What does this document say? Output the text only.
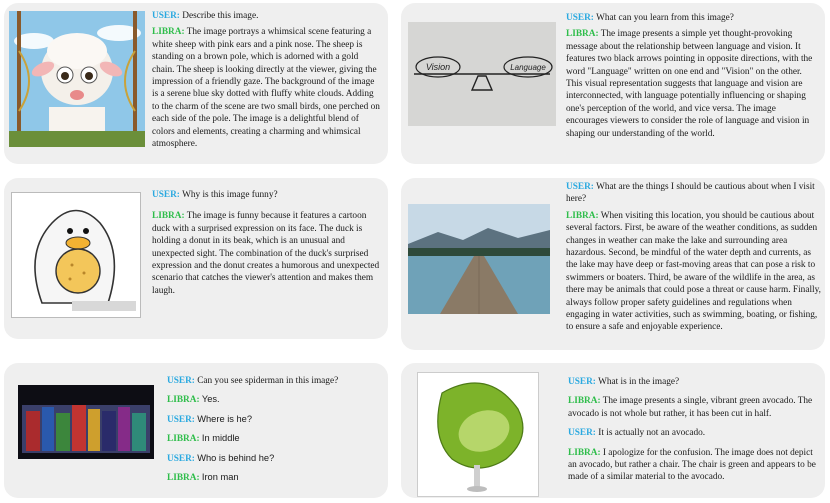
USER: Describe this image.

LIBRA: The image portrays a whimsical scene featuring a white sheep with pink ears and a pink nose. The sheep is standing on a brown pole, which is adorned with a gold chain. The sheep is looking directly at the viewer, giving the impression of a friendly gaze. The background of the image is a serene blue sky dotted with fluffy white clouds. Adding to the charm of the scene are two small birds, one perched on each side of the pole. The image is a delightful blend of colors and elements, creating a charming and whimsical atmosphere.

Vision	Language

USER: What can you learn from this image?

LIBRA: The image presents a simple yet thought-provoking message about the relationship between language and vision. It features two black arrows pointing in opposite directions, with the word "Language" written on one end and "Vision" on the other. This visual representation suggests that language and vision are interconnected, with language potentially influencing or shaping one's perception of the world, and vice versa. The image encourages viewers to consider the role of language and vision in shaping our understanding of the world.

USER: Why is this image funny?

LIBRA: The image is funny because it features a cartoon duck with a surprised expression on its face. The duck is holding a donut in its beak, which is an unusual and unexpected sight. The combination of the duck's surprised expression and the donut creates a humorous and unexpected scenario that catches the viewer's attention and makes them laugh.

USER: What are the things I should be cautious about when I visit here?

LIBRA: When visiting this location, you should be cautious about several factors. First, be aware of the weather conditions, as sudden changes in weather can make the lake and surrounding area hazardous. Second, be mindful of the water depth and currents, as the lake may have deep or fast-moving areas that can pose a risk to swimmers or boaters. Third, be aware of the wildlife in the area, as there may be animals that could pose a threat or cause harm. Finally, always follow proper safety guidelines and regulations when engaging in water activities, such as swimming, boating, or fishing, to ensure a safe and enjoyable experience.

USER: Can you see spiderman in this image?

LIBRA: Yes.

USER: Where is he?

LIBRA: In middle

USER: Who is behind he?

LIBRA: Iron man

USER: What is in the image?

LIBRA: The image presents a single, vibrant green avocado. The avocado is not whole but rather, it has been cut in half.

USER: It is actually not an avocado.

LIBRA: I apologize for the confusion. The image does not depict an avocado, but rather a chair. The chair is green and appears to be made of a similar material to the avocado.
